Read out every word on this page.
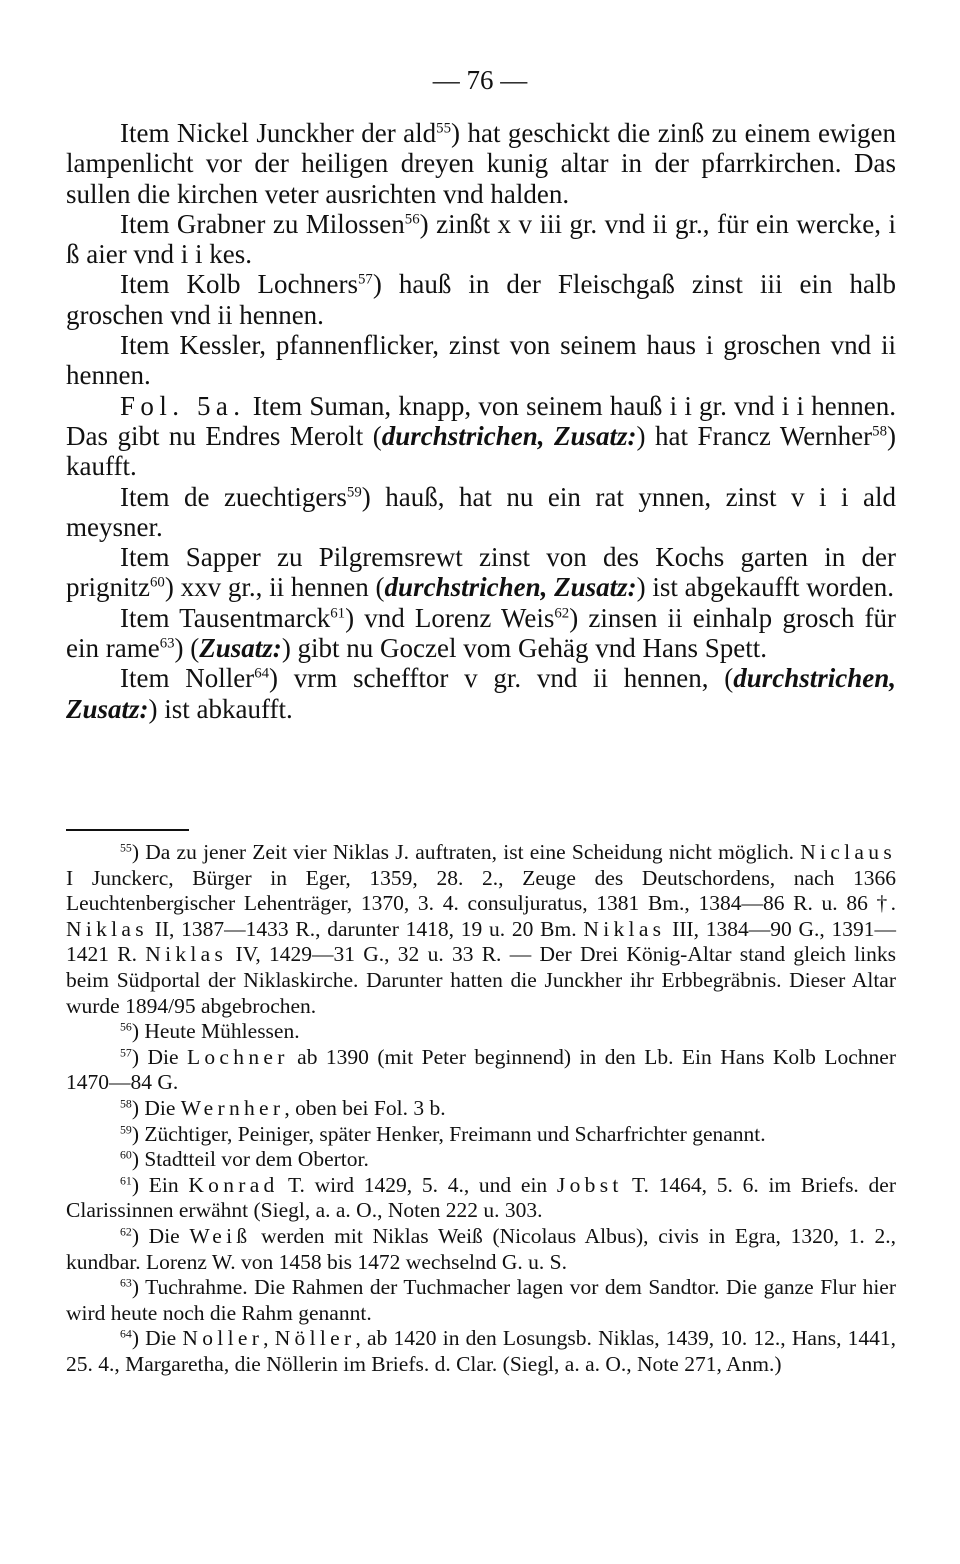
— 76 —

Item Nickel Junckher der ald$^{55}$) hat geschickt die zinß zu einem ewigen lampenlicht vor der heiligen dreyen kunig altar in der pfarrkirchen. Das sullen die kirchen veter ausrichten vnd halden.

Item Grabner zu Milossen$^{56}$) zinßt x v iii gr. vnd ii gr., für ein wercke, i ß aier vnd i i kes.

Item Kolb Lochners$^{57}$) hauß in der Fleischgaß zinst iii ein halb groschen vnd ii hennen.

Item Kessler, pfannenflicker, zinst von seinem haus i groschen vnd ii hennen.

Fol. 5a. Item Suman, knapp, von seinem hauß i i gr. vnd i i hennen. Das gibt nu Endres Merolt (durchstrichen, Zusatz:) hat Francz Wernher$^{58}$) kaufft.

Item de zuechtigers$^{59}$) hauß, hat nu ein rat ynnen, zinst v i i ald meysner.

Item Sapper zu Pilgremsrewt zinst von des Kochs garten in der prignitz$^{60}$) xxv gr., ii hennen (durchstrichen, Zusatz:) ist abgekaufft worden.

Item Tausentmarck$^{61}$) vnd Lorenz Weis$^{62}$) zinsen ii einhalp grosch für ein rame$^{63}$) (Zusatz:) gibt nu Goczel vom Gehäg vnd Hans Spett.

Item Noller$^{64}$) vrm schefftor v gr. vnd ii hennen, (durchstrichen, Zusatz:) ist abkaufft.

$^{55}$) Da zu jener Zeit vier Niklas J. auftraten, ist eine Scheidung nicht möglich. Niclaus I Junckerc, Bürger in Eger, 1359, 28. 2., Zeuge des Deutschordens, nach 1366 Leuchtenbergischer Lehenträger, 1370, 3. 4. consuljuratus, 1381 Bm., 1384—86 R. u. 86 †. Niklas II, 1387—1433 R., darunter 1418, 19 u. 20 Bm. Niklas III, 1384—90 G., 1391—1421 R. Niklas IV, 1429—31 G., 32 u. 33 R. — Der Drei König-Altar stand gleich links beim Südportal der Niklaskirche. Darunter hatten die Junckher ihr Erbbegräbnis. Dieser Altar wurde 1894/95 abgebrochen.

$^{56}$) Heute Mühlessen.

$^{57}$) Die Lochner ab 1390 (mit Peter beginnend) in den Lb. Ein Hans Kolb Lochner 1470—84 G.

$^{58}$) Die Wernher, oben bei Fol. 3 b.

$^{59}$) Züchtiger, Peiniger, später Henker, Freimann und Scharfrichter genannt.

$^{60}$) Stadtteil vor dem Obertor.

$^{61}$) Ein Konrad T. wird 1429, 5. 4., und ein Jobst T. 1464, 5. 6. im Briefs. der Clarissinnen erwähnt (Siegl, a. a. O., Noten 222 u. 303.

$^{62}$) Die Weiß werden mit Niklas Weiß (Nicolaus Albus), civis in Egra, 1320, 1. 2., kundbar. Lorenz W. von 1458 bis 1472 wechselnd G. u. S.

$^{63}$) Tuchrahme. Die Rahmen der Tuchmacher lagen vor dem Sandtor. Die ganze Flur hier wird heute noch die Rahm genannt.

$^{64}$) Die Noller, Nöller, ab 1420 in den Losungsb. Niklas, 1439, 10. 12., Hans, 1441, 25. 4., Margaretha, die Nöllerin im Briefs. d. Clar. (Siegl, a. a. O., Note 271, Anm.)
